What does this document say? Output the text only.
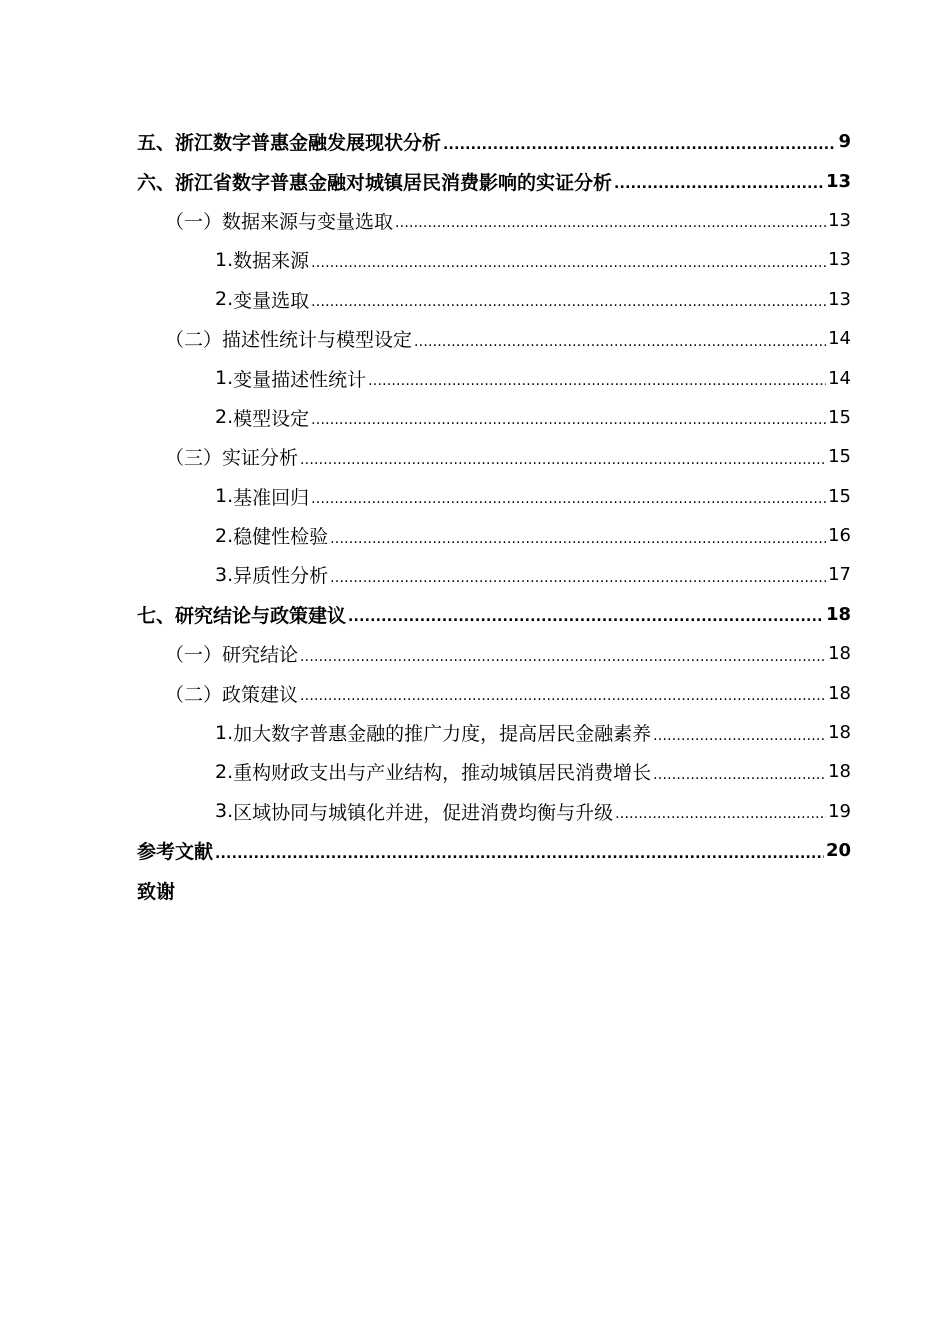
五、 浙江数字普惠金融发展现状分析 .....	9
六、 浙江省数字普惠金融对城镇居民消费影响的实证分析 .....	13
（一） 数据来源与变量选取 .....	13
1. 数据来源 .....	13
2. 变量选取 .....	13
（二） 描述性统计与模型设定 .....	14
1. 变量描述性统计 .....	14
2. 模型设定 .....	15
（三） 实证分析 .....	15
1. 基准回归 .....	15
2. 稳健性检验 .....	16
3. 异质性分析 .....	17
七、 研究结论与政策建议 .....	18
（一） 研究结论 .....	18
（二） 政策建议 .....	18
1. 加大数字普惠金融的推广力度，提高居民金融素养 .....	18
2. 重构财政支出与产业结构，推动城镇居民消费增长 .....	18
3. 区域协同与城镇化并进，促进消费均衡与升级 .....	19
参考文献 .....	20
致谢
